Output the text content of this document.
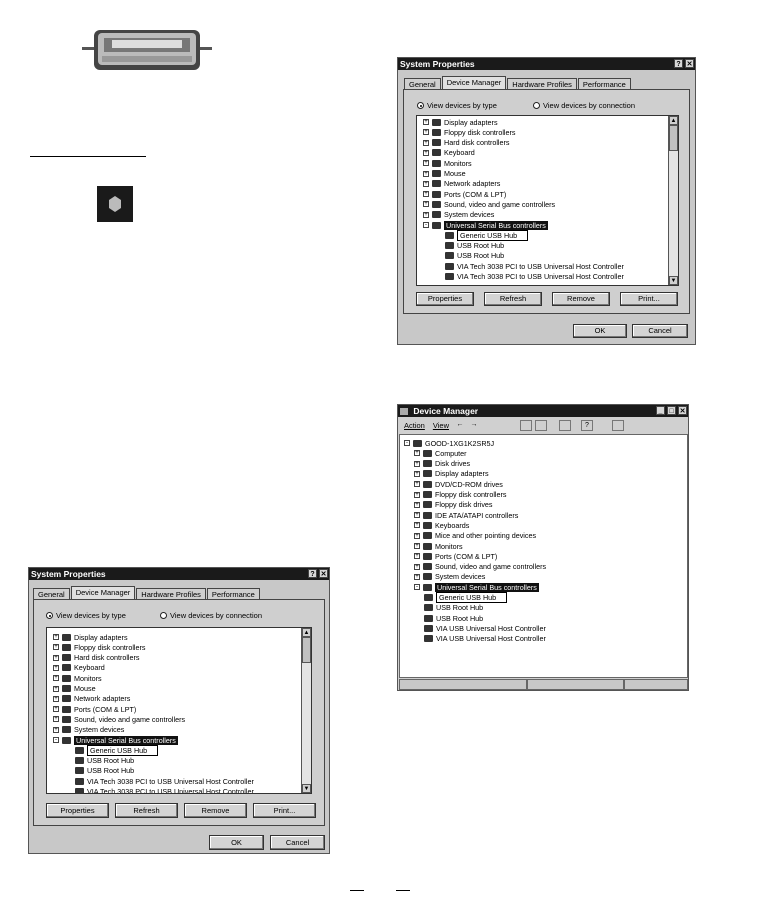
System Properties	? ✕
General	Device Manager	Hardware Profiles	Performance
View devices by type	View devices by connection
▲
▼
+ Display adapters
+ Floppy disk controllers
+ Hard disk controllers
+ Keyboard
+ Monitors
+ Mouse
+ Network adapters
+ Ports (COM & LPT)
+ Sound, video and game controllers
+ System devices
-	Universal Serial Bus controllers
Generic USB Hub
USB Root Hub
USB Root Hub
VIA Tech 3038 PCI to USB Universal Host Controller
VIA Tech 3038 PCI to USB Universal Host Controller
Properties	Refresh	Remove	Print...
OK	Cancel
Device Manager	_ □ ✕
Action View	←	→	?
- GOOD-1XG1K2SR5J
+ Computer
+ Disk drives
+ Display adapters
+ DVD/CD-ROM drives
+ Floppy disk controllers
+ Floppy disk drives
+ IDE ATA/ATAPI controllers
+ Keyboards
+ Mice and other pointing devices
+ Monitors
+ Ports (COM & LPT)
+ Sound, video and game controllers
+ System devices
-	Universal Serial Bus controllers
Generic USB Hub
USB Root Hub
USB Root Hub
VIA USB Universal Host Controller
VIA USB Universal Host Controller
System Properties	? ✕
General	Device Manager	Hardware Profiles	Performance
View devices by type	View devices by connection
▲
▼
+ Display adapters
+ Floppy disk controllers
+ Hard disk controllers
+ Keyboard
+ Monitors
+ Mouse
+ Network adapters
+ Ports (COM & LPT)
+ Sound, video and game controllers
+ System devices
-	Universal Serial Bus controllers
Generic USB Hub
USB Root Hub
USB Root Hub
VIA Tech 3038 PCI to USB Universal Host Controller
VIA Tech 3038 PCI to USB Universal Host Controller
Properties	Refresh	Remove	Print...
OK	Cancel
